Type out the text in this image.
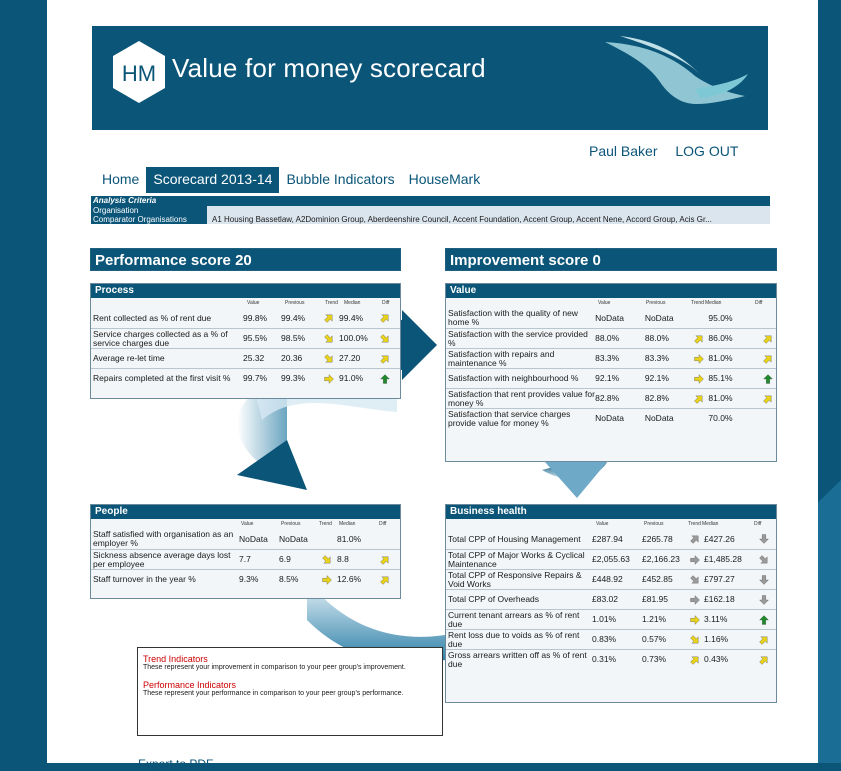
HM Value for money scorecard
Paul Baker LOG OUT
Home	Scorecard 2013-14	Bubble Indicators	HouseMark
Analysis Criteria
Organisation
Comparator Organisations	A1 Housing Bassetlaw, A2Dominion Group, Aberdeenshire Council, Accent Foundation, Accent Group, Accent Nene, Accord Group, Acis Gr...
Performance score 20	Improvement score 0
Process
Value	Previous	Trend	Median	Diff
Rent collected as % of rent due	99.8%	99.4%	99.4%
Service charges collected as a % of service charges due	95.5%	98.5%	100.0%
Average re-let time	25.32	20.36	27.20
Repairs completed at the first visit %	99.7%	99.3%	91.0%
Value
Value	Previous	Trend Median	Diff
Satisfaction with the quality of new home %	NoData	NoData	95.0%
Satisfaction with the service provided %	88.0%	88.0%	86.0%
Satisfaction with repairs and maintenance %	83.3%	83.3%	81.0%
Satisfaction with neighbourhood %	92.1%	92.1%	85.1%
Satisfaction that rent provides value for money %	82.8%	82.8%	81.0%
Satisfaction that service charges provide value for money %	NoData	NoData	70.0%
People
Value	Previous	Trend	Median	Diff
Staff satisfied with organisation as an employer %	NoData	NoData	81.0%
Sickness absence average days lost per employee	7.7	6.9	8.8
Staff turnover in the year %	9.3%	8.5%	12.6%
Business health
Value	Previous	Trend Median	Diff
Total CPP of Housing Management	£287.94	£265.78	£427.26
Total CPP of Major Works & Cyclical Maintenance	£2,055.63	£2,166.23	£1,485.28
Total CPP of Responsive Repairs & Void Works	£448.92	£452.85	£797.27
Total CPP of Overheads	£83.02	£81.95	£162.18
Current tenant arrears as % of rent due	1.01%	1.21%	3.11%
Rent loss due to voids as % of rent due	0.83%	0.57%	1.16%
Gross arrears written off as % of rent due	0.31%	0.73%	0.43%
Trend Indicators
These represent your improvement in comparison to your peer group's improvement.
Performance Indicators
These represent your performance in comparison to your peer group's performance.
Export to PDF
